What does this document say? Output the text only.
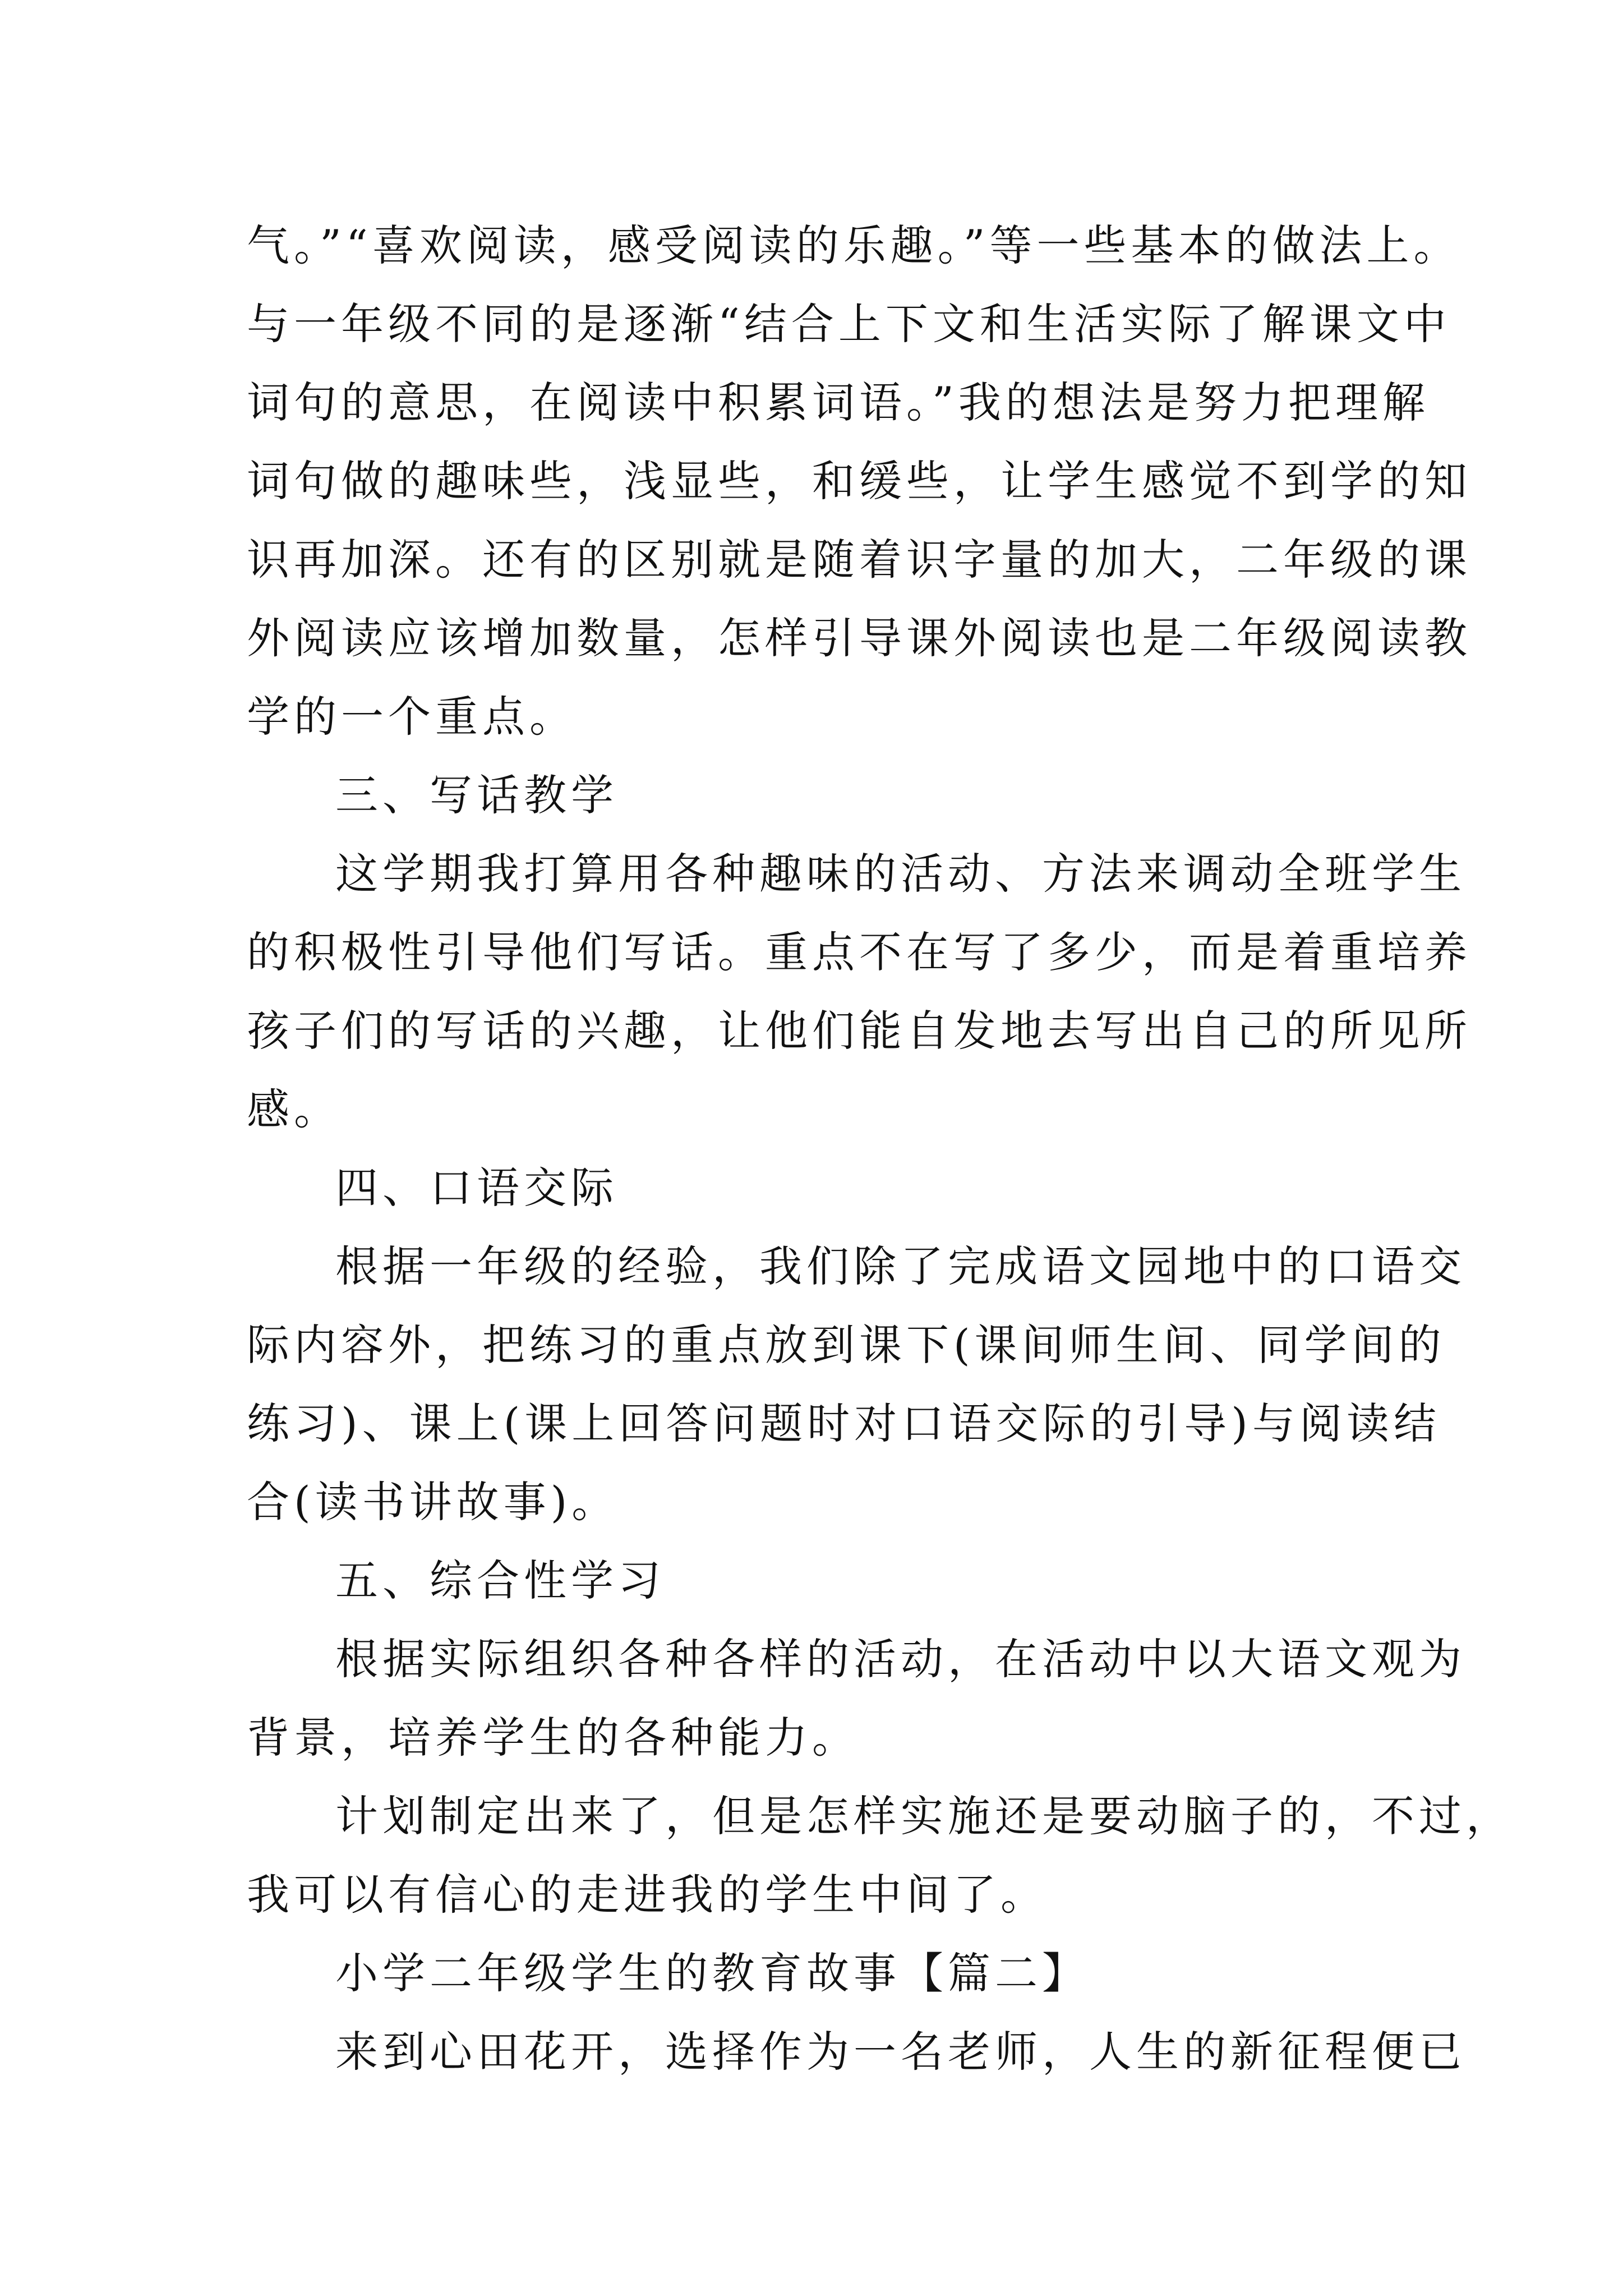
气。”“喜欢阅读，感受阅读的乐趣。”等一些基本的做法上。
与一年级不同的是逐渐“结合上下文和生活实际了解课文中
词句的意思，在阅读中积累词语。”我的想法是努力把理解
词句做的趣味些，浅显些，和缓些，让学生感觉不到学的知
识再加深。还有的区别就是随着识字量的加大，二年级的课
外阅读应该增加数量，怎样引导课外阅读也是二年级阅读教
学的一个重点。
三、写话教学
这学期我打算用各种趣味的活动、方法来调动全班学生
的积极性引导他们写话。重点不在写了多少，而是着重培养
孩子们的写话的兴趣，让他们能自发地去写出自己的所见所
感。
四、口语交际
根据一年级的经验，我们除了完成语文园地中的口语交
际内容外，把练习的重点放到课下(课间师生间、同学间的
练习)、课上(课上回答问题时对口语交际的引导)与阅读结
合(读书讲故事)。
五、综合性学习
根据实际组织各种各样的活动，在活动中以大语文观为
背景，培养学生的各种能力。
计划制定出来了，但是怎样实施还是要动脑子的，不过，
我可以有信心的走进我的学生中间了。
小学二年级学生的教育故事【篇二】
来到心田花开，选择作为一名老师，人生的新征程便已
